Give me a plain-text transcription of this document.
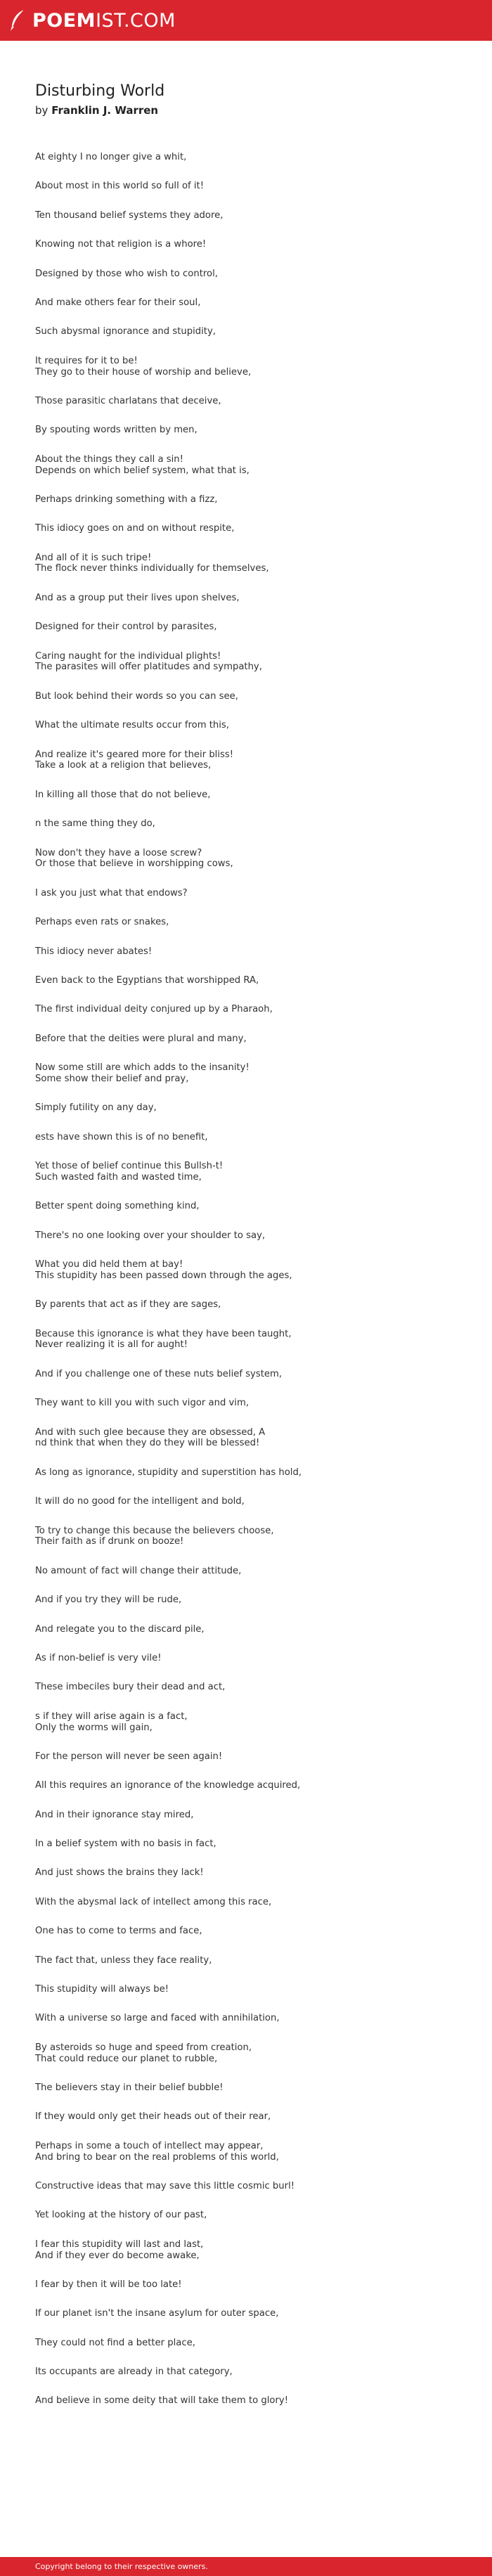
POEMIST.COM
Disturbing World
by Franklin J. Warren
At eighty I no longer give a whit,
About most in this world so full of it!
Ten thousand belief systems they adore,
Knowing not that religion is a whore!
Designed by those who wish to control,
And make others fear for their soul,
Such abysmal ignorance and stupidity,
It requires for it to be!
They go to their house of worship and believe,
Those parasitic charlatans that deceive,
By spouting words written by men,
About the things they call a sin!
Depends on which belief system, what that is,
Perhaps drinking something with a fizz,
This idiocy goes on and on without respite,
And all of it is such tripe!
The flock never thinks individually for themselves,
And as a group put their lives upon shelves,
Designed for their control by parasites,
Caring naught for the individual plights!
The parasites will offer platitudes and sympathy,
But look behind their words so you can see,
What the ultimate results occur from this,
And realize it's geared more for their bliss!
Take a look at a religion that believes,
In killing all those that do not believe,
n the same thing they do,
Now don't they have a loose screw?
Or those that believe in worshipping cows,
I ask you just what that endows?
Perhaps even rats or snakes,
This idiocy never abates!
Even back to the Egyptians that worshipped RA,
The first individual deity conjured up by a Pharaoh,
Before that the deities were plural and many,
Now some still are which adds to the insanity!
Some show their belief and pray,
Simply futility on any day,
ests have shown this is of no benefit,
Yet those of belief continue this Bullsh-t!
Such wasted faith and wasted time,
Better spent doing something kind,
There's no one looking over your shoulder to say,
What you did held them at bay!
This stupidity has been passed down through the ages,
By parents that act as if they are sages,
Because this ignorance is what they have been taught,
Never realizing it is all for aught!
And if you challenge one of these nuts belief system,
They want to kill you with such vigor and vim,
And with such glee because they are obsessed, A
nd think that when they do they will be blessed!
As long as ignorance, stupidity and superstition has hold,
It will do no good for the intelligent and bold,
To try to change this because the believers choose,
Their faith as if drunk on booze!
No amount of fact will change their attitude,
And if you try they will be rude,
And relegate you to the discard pile,
As if non-belief is very vile!
These imbeciles bury their dead and act,
s if they will arise again is a fact,
Only the worms will gain,
For the person will never be seen again!
All this requires an ignorance of the knowledge acquired,
And in their ignorance stay mired,
In a belief system with no basis in fact,
And just shows the brains they lack!
With the abysmal lack of intellect among this race,
One has to come to terms and face,
The fact that, unless they face reality,
This stupidity will always be!
With a universe so large and faced with annihilation,
By asteroids so huge and speed from creation,
That could reduce our planet to rubble,
The believers stay in their belief bubble!
If they would only get their heads out of their rear,
Perhaps in some a touch of intellect may appear,
And bring to bear on the real problems of this world,
Constructive ideas that may save this little cosmic burl!
Yet looking at the history of our past,
I fear this stupidity will last and last,
And if they ever do become awake,
I fear by then it will be too late!
If our planet isn't the insane asylum for outer space,
They could not find a better place,
Its occupants are already in that category,
And believe in some deity that will take them to glory!
Copyright belong to their respective owners.
